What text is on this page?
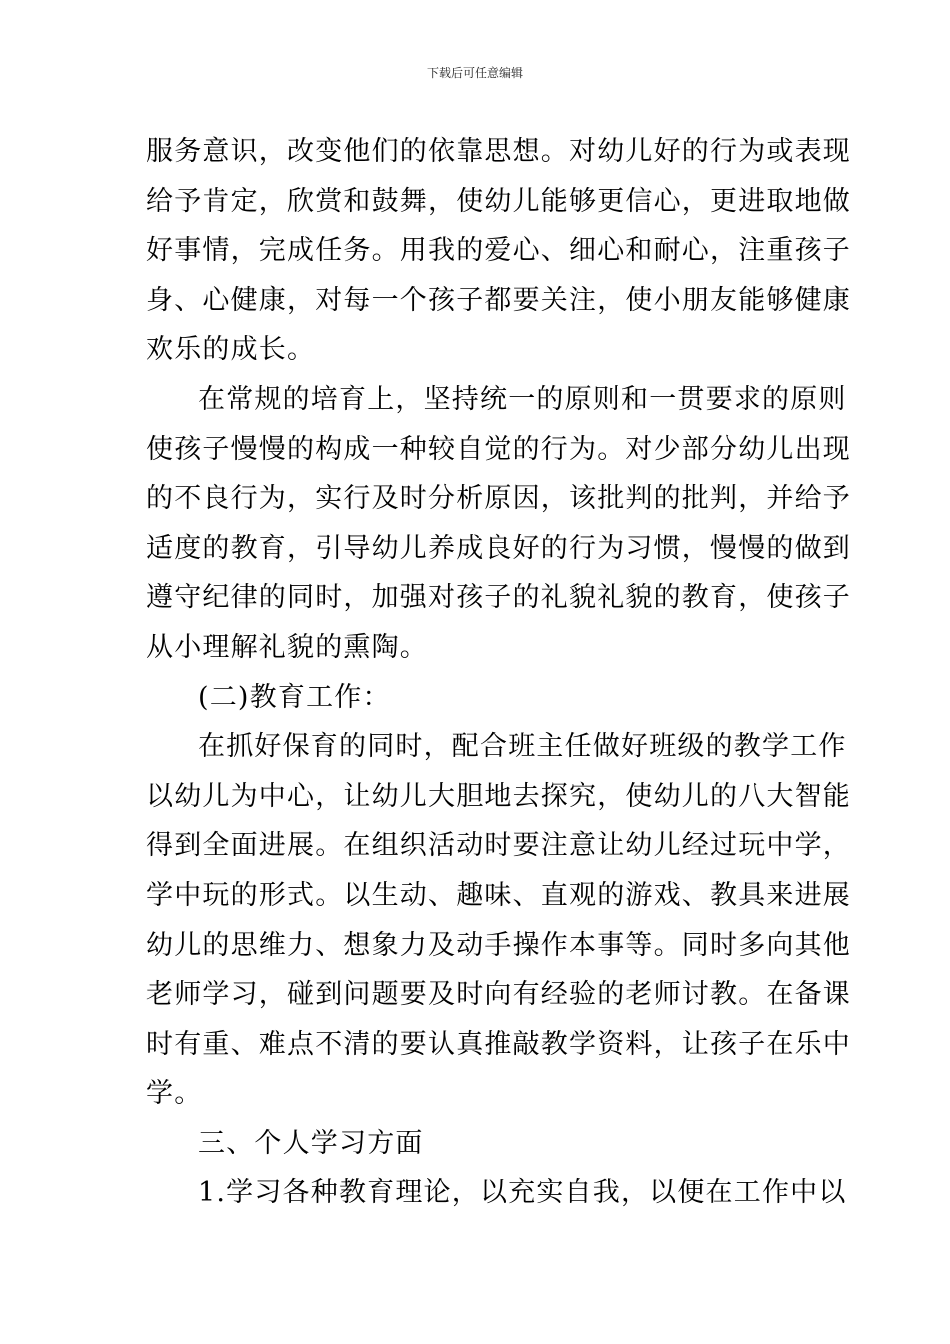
下载后可任意编辑
服务意识，改变他们的依靠思想。对幼儿好的行为或表现
给予肯定，欣赏和鼓舞，使幼儿能够更信心，更进取地做
好事情，完成任务。用我的爱心、细心和耐心，注重孩子
身、心健康，对每一个孩子都要关注，使小朋友能够健康
欢乐的成长。
在常规的培育上，坚持统一的原则和一贯要求的原则
使孩子慢慢的构成一种较自觉的行为。对少部分幼儿出现
的不良行为，实行及时分析原因，该批判的批判，并给予
适度的教育，引导幼儿养成良好的行为习惯，慢慢的做到
遵守纪律的同时，加强对孩子的礼貌礼貌的教育，使孩子
从小理解礼貌的熏陶。
(二)教育工作：
在抓好保育的同时，配合班主任做好班级的教学工作
以幼儿为中心，让幼儿大胆地去探究，使幼儿的八大智能
得到全面进展。在组织活动时要注意让幼儿经过玩中学，
学中玩的形式。以生动、趣味、直观的游戏、教具来进展
幼儿的思维力、想象力及动手操作本事等。同时多向其他
老师学习，碰到问题要及时向有经验的老师讨教。在备课
时有重、难点不清的要认真推敲教学资料，让孩子在乐中
学。
三、个人学习方面
1.学习各种教育理论，以充实自我，以便在工作中以
